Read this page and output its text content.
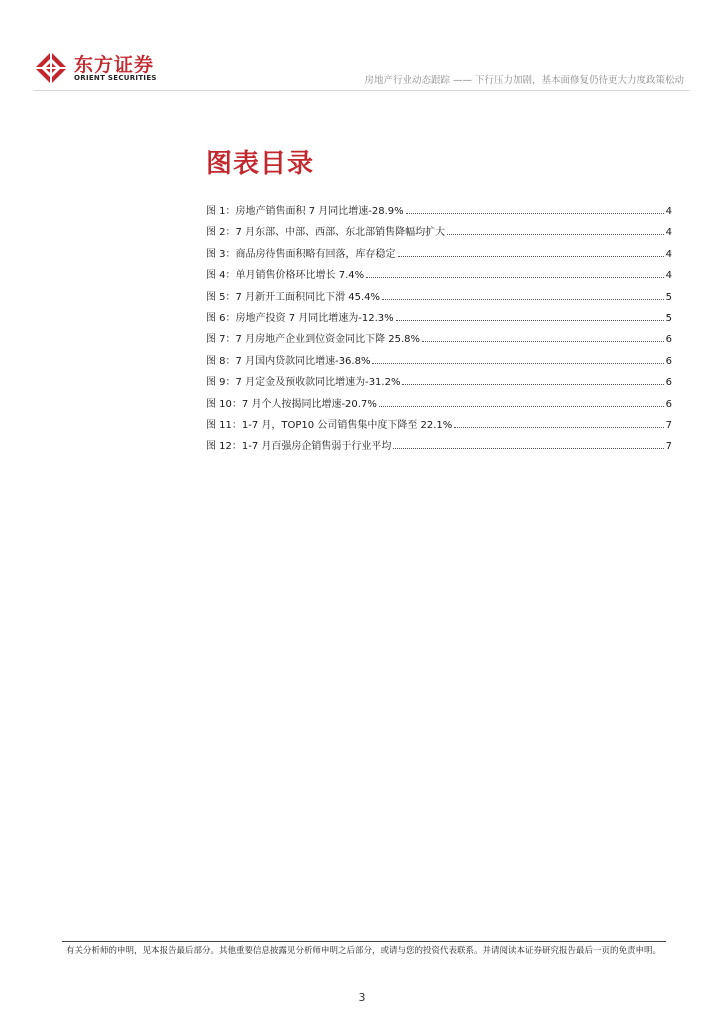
东方证券
ORIENT SECURITIES	房地产行业动态跟踪 —— 下行压力加剧，基本面修复仍待更大力度政策松动
图表目录
图 1：房地产销售面积 7 月同比增速-28.9%	4
图 2：7 月东部、中部、西部、东北部销售降幅均扩大	4
图 3：商品房待售面积略有回落，库存稳定	4
图 4：单月销售价格环比增长 7.4%	4
图 5：7 月新开工面积同比下滑 45.4%	5
图 6：房地产投资 7 月同比增速为-12.3%	5
图 7：7 月房地产企业到位资金同比下降 25.8%	6
图 8：7 月国内贷款同比增速-36.8%	6
图 9：7 月定金及预收款同比增速为-31.2%	6
图 10：7 月个人按揭同比增速-20.7%	6
图 11：1-7 月，TOP10 公司销售集中度下降至 22.1%	7
图 12：1-7 月百强房企销售弱于行业平均	7
有关分析师的申明，见本报告最后部分。其他重要信息披露见分析师申明之后部分，或请与您的投资代表联系。并请阅读本证券研究报告最后一页的免责申明。
3
